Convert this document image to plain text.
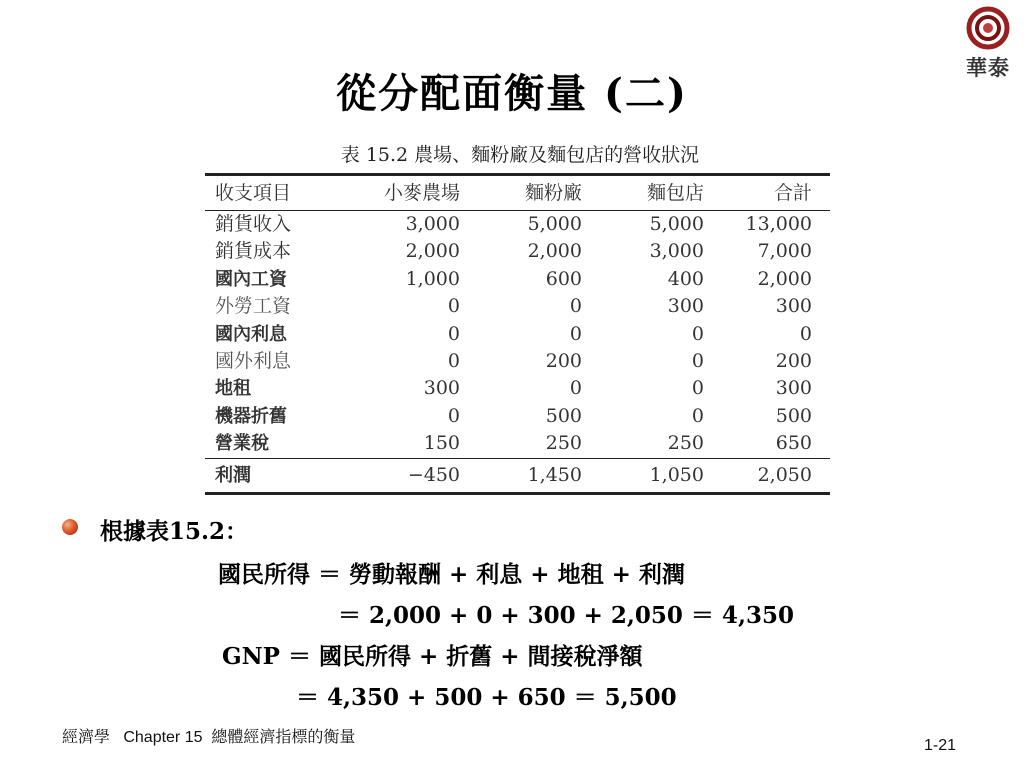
華泰
從分配面衡量 (二)
表 15.2 農場、麵粉廠及麵包店的營收狀況
收支項目	小麥農場	麵粉廠	麵包店	合計
銷貨收入	3,000	5,000	5,000	13,000
銷貨成本	2,000	2,000	3,000	7,000
國內工資	1,000	600	400	2,000
外勞工資	0	0	300	300
國內利息	0	0	0	0
國外利息	0	200	0	200
地租	300	0	0	300
機器折舊	0	500	0	500
營業稅	150	250	250	650
利潤	−450	1,450	1,050	2,050
根據表15.2：
國民所得 ＝ 勞動報酬 + 利息 + 地租 + 利潤
＝ 2,000 + 0 + 300 + 2,050 ＝ 4,350
GNP ＝ 國民所得 + 折舊 + 間接稅淨額
＝ 4,350 + 500 + 650 ＝ 5,500
經濟學   Chapter 15  總體經濟指標的衡量	1-21
